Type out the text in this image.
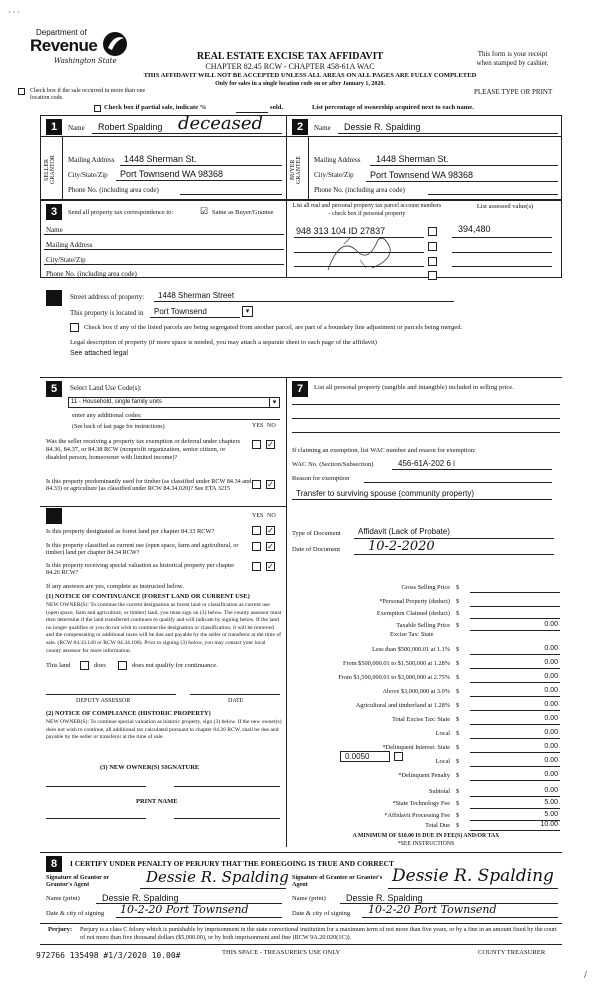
· · ·
Department of
Revenue
Washington State	REAL ESTATE EXCISE TAX AFFIDAVIT
CHAPTER 82.45 RCW - CHAPTER 458-61A WAC
This form is your receipt
when stamped by cashier.
THIS AFFIDAVIT WILL NOT BE ACCEPTED UNLESS ALL AREAS ON ALL PAGES ARE FULLY COMPLETED
Only for sales in a single location code on or after January 1, 2020.
PLEASE TYPE OR PRINT
Check box if the sale occurred in more than one location code.
Check box if partial sale, indicate %	sold.	List percentage of ownership acquired next to each name.
1	Name Robert Spalding deceased
SELLER GRANTOR Mailing Address 1448 Sherman St.
City/State/Zip Port Townsend WA 98368
Phone No. (including area code)
2	Name Dessie R. Spalding
BUYER GRANTEE Mailing Address 1448 Sherman St.
City/State/Zip Port Townsend WA 98368
Phone No. (including area code)
3	Send all property tax correspondence to:	☑ Same as Buyer/Grantee
List all real and personal property tax parcel account numbers - check box if personal property
List assessed value(s)
Name
Mailing Address
City/State/Zip
Phone No. (including area code)
948 313 104 ID 27837	394,480
Street address of property: 1448 Sherman Street
This property is located in Port Townsend	▾
Check box if any of the listed parcels are being segregated from another parcel, are part of a boundary line adjustment or parcels being merged.
Legal description of property (if more space is needed, you may attach a separate sheet to each page of the affidavit)
See attached legal
5	Select Land Use Code(s):
11 - Household, single family units	▾
enter any additional codes:
(See back of last page for instructions)	YES NO
Was the seller receiving a property tax exemption or deferral under chapters 84.36, 84.37, or 84.38 RCW (nonprofit organization, senior citizen, or disabled person, homeowner with limited income)?
✓
Is this property predominantly used for timber (as classified under RCW 84.34 and 84.33) or agriculture (as classified under RCW 84.34.020)? See ETA 3215	✓
YES NO
Is this property designated as forest land per chapter 84.33 RCW?	✓
Is this property classified as current use (open space, farm and agricultural, or timber) land per chapter 84.34 RCW?
✓
Is this property receiving special valuation as historical property per chapter 84.26 RCW?
✓
If any answers are yes, complete as instructed below.
(1) NOTICE OF CONTINUANCE (FOREST LAND OR CURRENT USE)
NEW OWNER(S): To continue the current designation as forest land or classification as current use (open space, farm and agriculture, or timber) land, you must sign on (3) below. The county assessor must then determine if the land transferred continues to qualify and will indicate by signing below. If the land no longer qualifies or you do not wish to continue the designation or classification, it will be removed and the compensating or additional taxes will be due and payable by the seller or transferor at the time of sale. (RCW 84.33.140 or RCW 84.34.108). Prior to signing (3) below, you may contact your local county assessor for more information.
This land	does	does not qualify for continuance.
DEPUTY ASSESSOR	DATE
(2) NOTICE OF COMPLIANCE (HISTORIC PROPERTY)
NEW OWNER(S): To continue special valuation as historic property, sign (3) below. If the new owner(s) does not wish to continue, all additional tax calculated pursuant to chapter 84.26 RCW, shall be due and payable by the seller or transferor at the time of sale.
(3) NEW OWNER(S) SIGNATURE
PRINT NAME
7	List all personal property (tangible and intangible) included in selling price.
If claiming an exemption, list WAC number and reason for exemption:
WAC No. (Section/Subsection)	456-61A-202 6 i
Reason for exemption
Transfer to surviving spouse (community property)
Type of Document Affidavit (Lack of Probate)
Date of Document 10-2-2020
Gross Selling Price $
*Personal Property (deduct) $
Exemption Claimed (deduct) $
Taxable Selling Price $	0.00
Less than $500,000.01 at 1.1% $	0.00
From $500,000.01 to $1,500,000 at 1.28% $	0.00
From $1,500,000.01 to $3,000,000 at 2.75% $	0.00
Above $3,000,000 at 3.0% $	0.00
Agricultural and timberland at 1.28% $	0.00
Total Excise Tax: State $	0.00
Local $	0.00
*Delinquent Interest: State $	0.00
Local $	0.00
*Delinquent Penalty $	0.00
Subtotal $	0.00
*State Technology Fee $	5.00
*Affidavit Processing Fee $	5.00
Total Due $	10.00
Excise Tax: State
0.0050
A MINIMUM OF $10.00 IS DUE IN FEE(S) AND/OR TAX
*SEE INSTRUCTIONS
8	I CERTIFY UNDER PENALTY OF PERJURY THAT THE FOREGOING IS TRUE AND CORRECT
Signature of Grantor or Grantor's Agent	Dessie R. Spalding Signature of Grantee or Grantee's Agent	Dessie R. Spalding
Name (print) Dessie R. Spalding	Name (print) Dessie R. Spalding
Date & city of signing 10-2-20 Port Townsend	Date & city of signing 10-2-20 Port Townsend
Perjury: Perjury is a class C felony which is punishable by imprisonment in the state correctional institution for a maximum term of not more than five years, or by a fine in an amount fixed by the court of not more than five thousand dollars ($5,000.00), or by both imprisonment and fine (RCW 9A.20.020(1C)).
972766 135498 #1/3/2020 10.00#	THIS SPACE - TREASURER'S USE ONLY	COUNTY TREASURER
/
